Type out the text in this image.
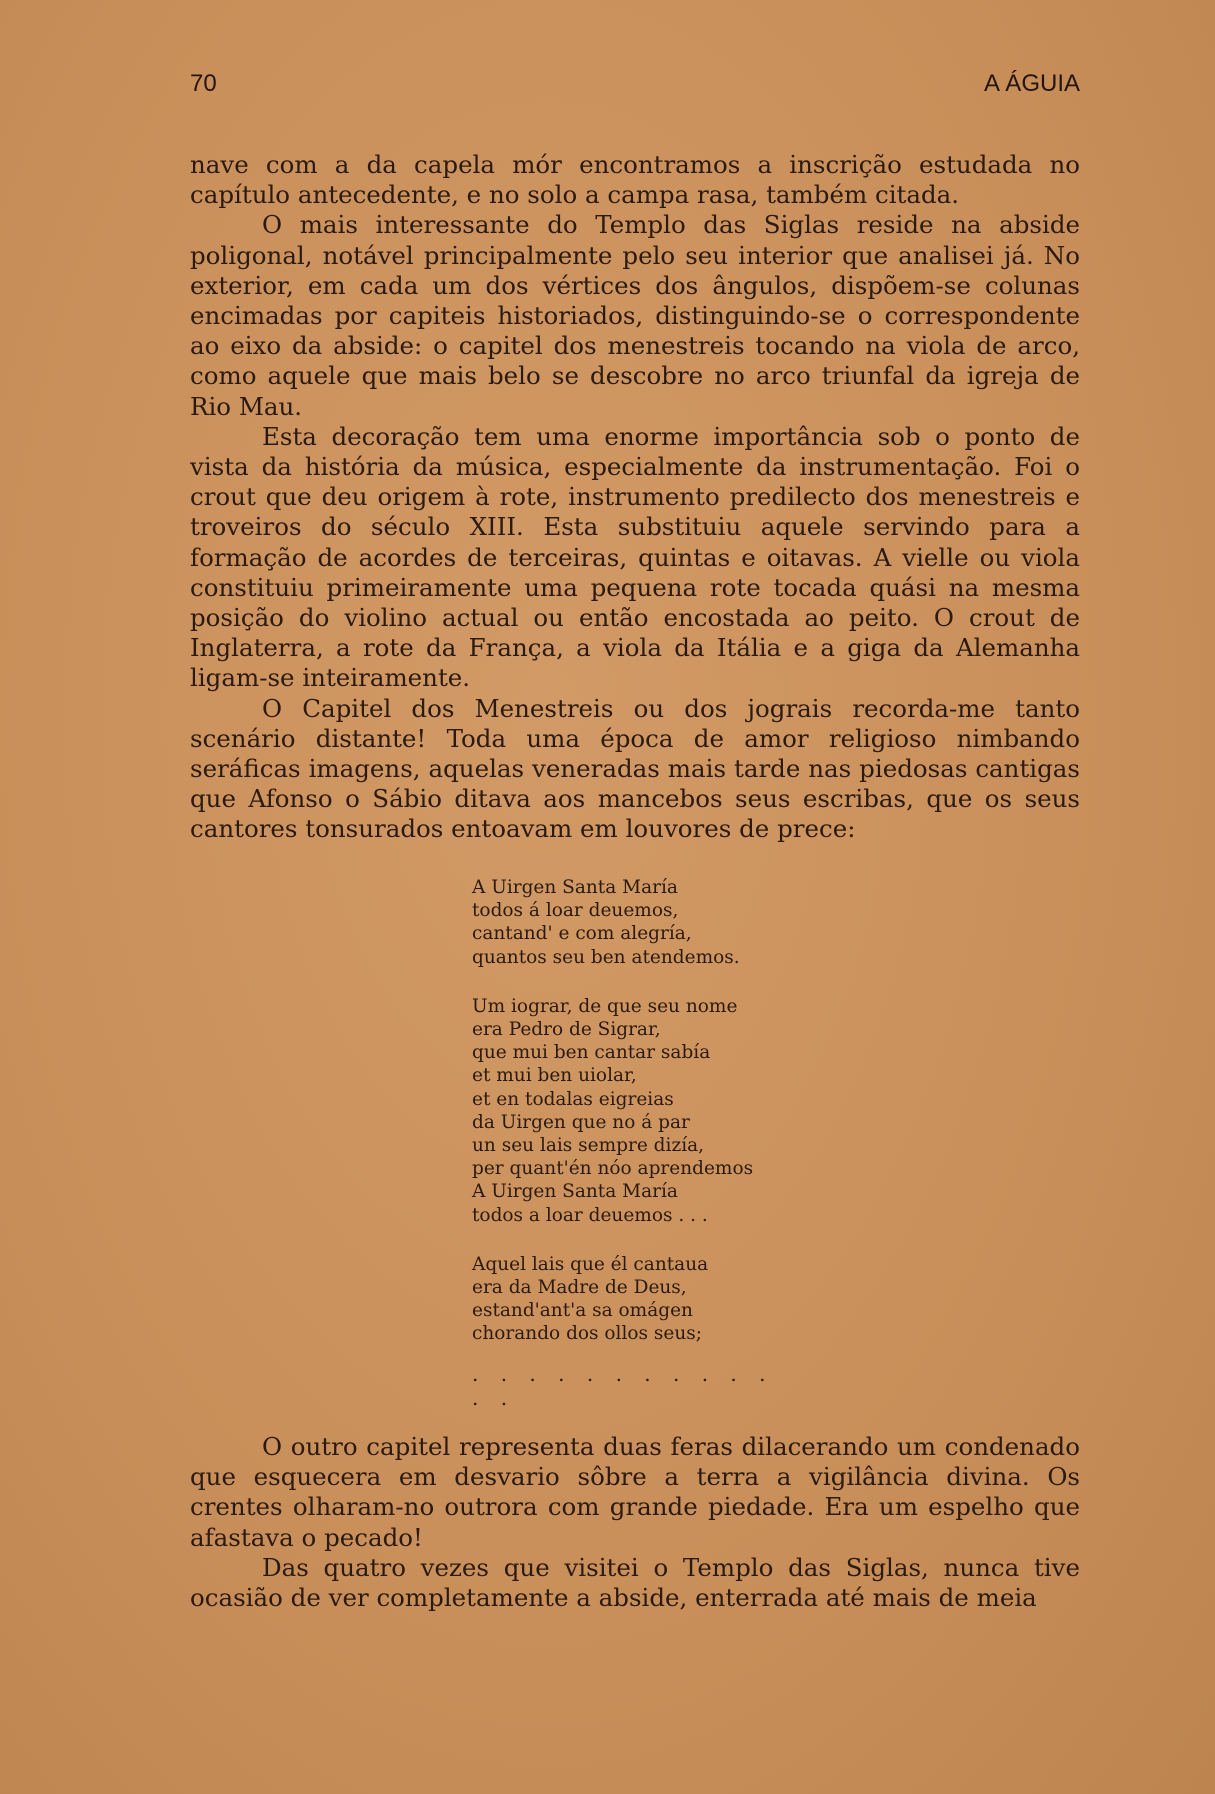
70	A ÁGUIA

nave com a da capela mór encontramos a inscrição estudada no capítulo antecedente, e no solo a campa rasa, também citada.

O mais interessante do Templo das Siglas reside na abside poligonal, notável principalmente pelo seu interior que analisei já. No exterior, em cada um dos vértices dos ângulos, dispõem-se colunas encimadas por capiteis historiados, distinguindo-se o correspondente ao eixo da abside: o capitel dos menestreis tocando na viola de arco, como aquele que mais belo se descobre no arco triunfal da igreja de Rio Mau.

Esta decoração tem uma enorme importância sob o ponto de vista da história da música, especialmente da instrumentação. Foi o crout que deu origem à rote, instrumento predilecto dos menestreis e troveiros do século XIII. Esta substituiu aquele servindo para a formação de acordes de terceiras, quintas e oitavas. A vielle ou viola constituiu primeiramente uma pequena rote tocada quási na mesma posição do violino actual ou então encostada ao peito. O crout de Inglaterra, a rote da França, a viola da Itália e a giga da Alemanha ligam-se inteiramente.

O Capitel dos Menestreis ou dos jograis recorda-me tanto scenário distante! Toda uma época de amor religioso nimbando seráficas imagens, aquelas veneradas mais tarde nas piedosas cantigas que Afonso o Sábio ditava aos mancebos seus escribas, que os seus cantores tonsurados entoavam em louvores de prece:

A Uirgen Santa María
todos á loar deuemos,
cantand' e com alegría,
quantos seu ben atendemos.
Um iograr, de que seu nome
era Pedro de Sigrar,
que mui ben cantar sabía
et mui ben uiolar,
et en todalas eigreias
da Uirgen que no á par
un seu lais sempre dizía,
per quant'én nóo aprendemos
A Uirgen Santa María
todos a loar deuemos . . .
Aquel lais que él cantaua
era da Madre de Deus,
estand'ant'a sa omágen
chorando dos ollos seus;
. . . . . . . . . . . . .

O outro capitel representa duas feras dilacerando um condenado que esquecera em desvario sôbre a terra a vigilância divina. Os crentes olharam-no outrora com grande piedade. Era um espelho que afastava o pecado!

Das quatro vezes que visitei o Templo das Siglas, nunca tive ocasião de ver completamente a abside, enterrada até mais de meia
